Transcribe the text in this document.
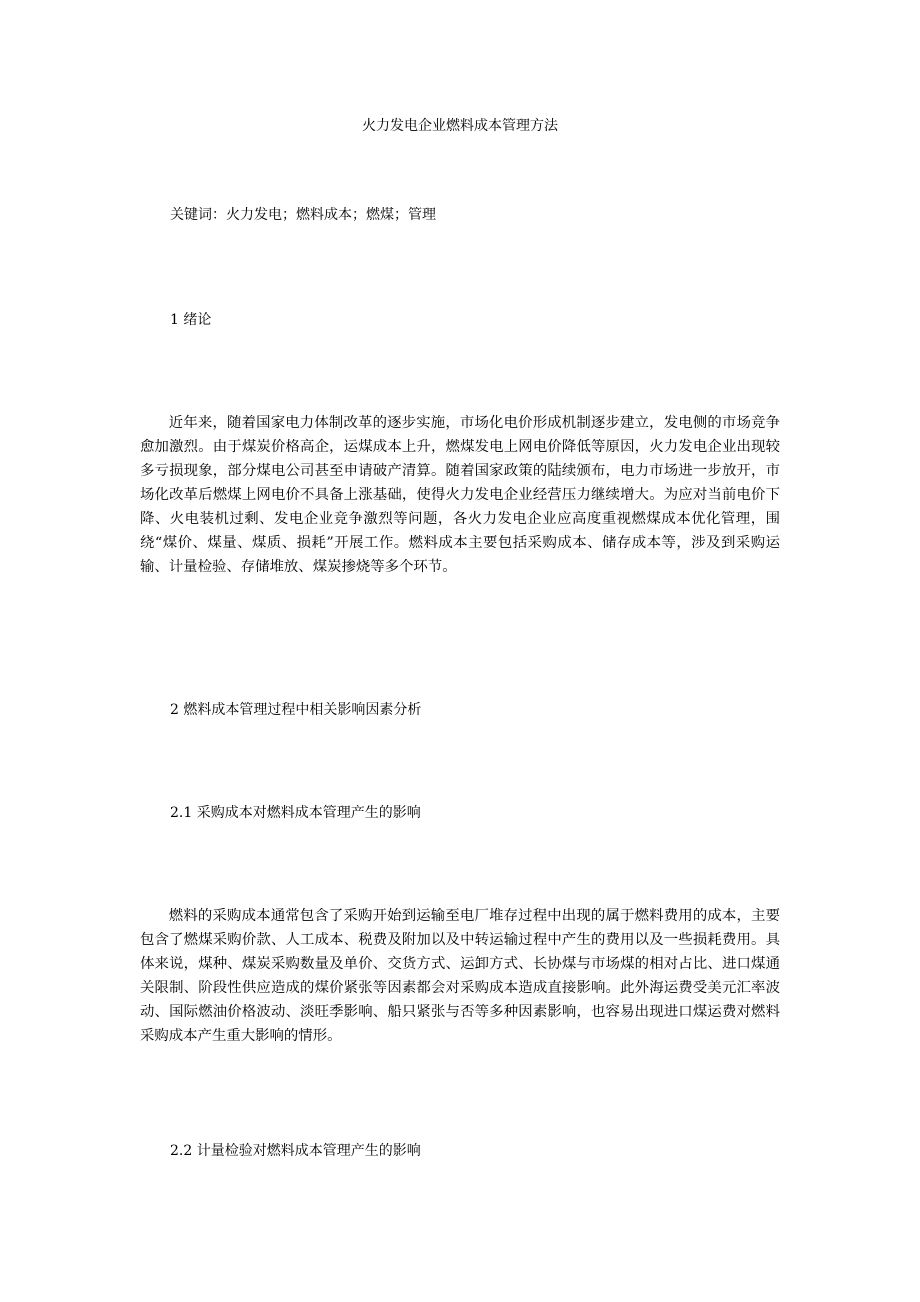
火力发电企业燃料成本管理方法
关键词：火力发电；燃料成本；燃煤；管理
1 绪论

近年来，随着国家电力体制改革的逐步实施，市场化电价形成机制逐步建立，发电侧的市场竞争愈加激烈。由于煤炭价格高企，运煤成本上升，燃煤发电上网电价降低等原因，火力发电企业出现较多亏损现象，部分煤电公司甚至申请破产清算。随着国家政策的陆续颁布，电力市场进一步放开，市场化改革后燃煤上网电价不具备上涨基础，使得火力发电企业经营压力继续增大。为应对当前电价下降、火电装机过剩、发电企业竞争激烈等问题，各火力发电企业应高度重视燃煤成本优化管理，围绕“煤价、煤量、煤质、损耗”开展工作。燃料成本主要包括采购成本、储存成本等，涉及到采购运输、计量检验、存储堆放、煤炭掺烧等多个环节。

2 燃料成本管理过程中相关影响因素分析
2.1 采购成本对燃料成本管理产生的影响

燃料的采购成本通常包含了采购开始到运输至电厂堆存过程中出现的属于燃料费用的成本，主要包含了燃煤采购价款、人工成本、税费及附加以及中转运输过程中产生的费用以及一些损耗费用。具体来说，煤种、煤炭采购数量及单价、交货方式、运卸方式、长协煤与市场煤的相对占比、进口煤通关限制、阶段性供应造成的煤价紧张等因素都会对采购成本造成直接影响。此外海运费受美元汇率波动、国际燃油价格波动、淡旺季影响、船只紧张与否等多种因素影响，也容易出现进口煤运费对燃料采购成本产生重大影响的情形。

2.2 计量检验对燃料成本管理产生的影响
